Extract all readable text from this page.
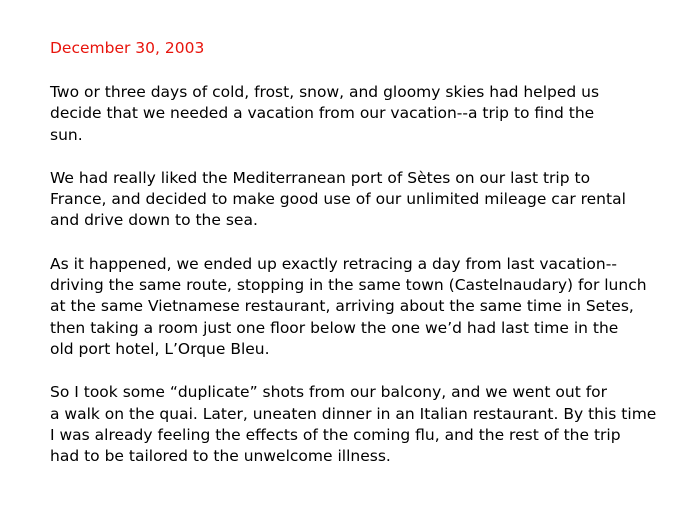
December 30, 2003

Two or three days of cold, frost, snow, and gloomy skies had helped us
decide that we needed a vacation from our vacation--a trip to find the
sun.

We had really liked the Mediterranean port of Sètes on our last trip to
France, and decided to make good use of our unlimited mileage car rental
and drive down to the sea.

As it happened, we ended up exactly retracing a day from last vacation--
driving the same route, stopping in the same town (Castelnaudary) for lunch
at the same Vietnamese restaurant, arriving about the same time in Setes,
then taking a room just one floor below the one we’d had last time in the
old port hotel, L’Orque Bleu.

So I took some “duplicate” shots from our balcony, and we went out for
a walk on the quai. Later, uneaten dinner in an Italian restaurant. By this time
I was already feeling the effects of the coming flu, and the rest of the trip
had to be tailored to the unwelcome illness.
